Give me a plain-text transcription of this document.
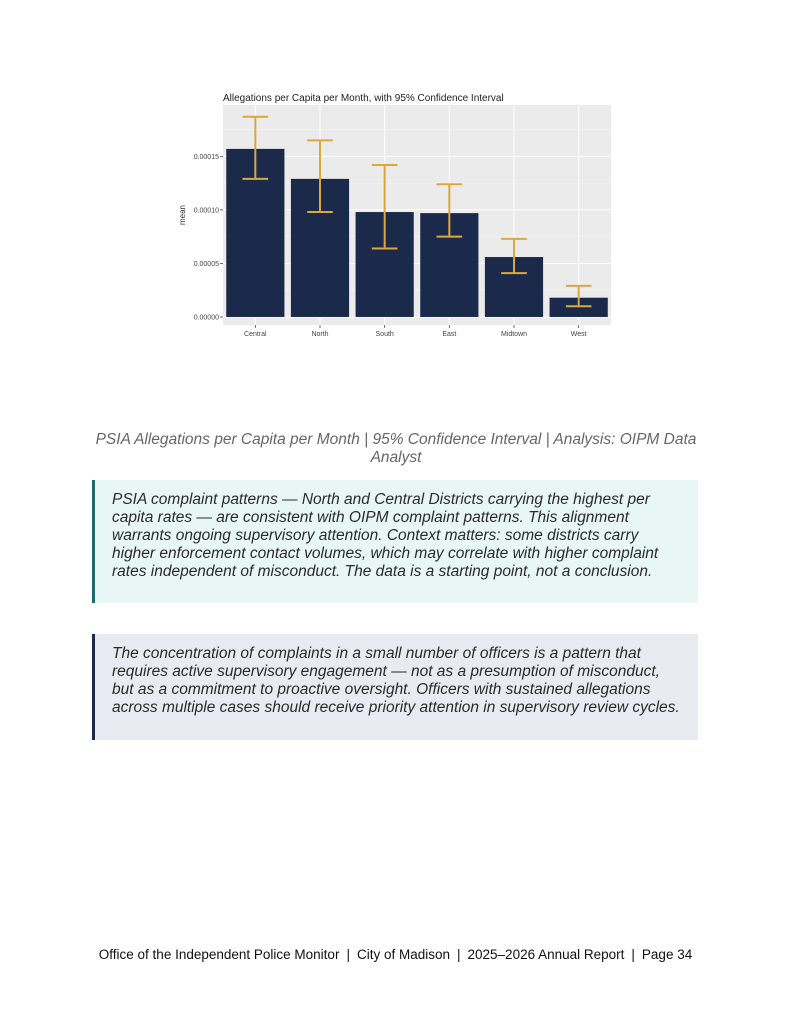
Allegations per Capita per Month, with 95% Confidence Interval
0.00000
0.00005
0.00010
0.00015
Central	North	South	East	Midtown	West
mean
PSIA Allegations per Capita per Month | 95% Confidence Interval | Analysis: OIPM Data Analyst
PSIA complaint patterns — North and Central Districts carrying the highest per capita rates — are consistent with OIPM complaint patterns. This alignment warrants ongoing supervisory attention. Context matters: some districts carry higher enforcement contact volumes, which may correlate with higher complaint rates independent of misconduct. The data is a starting point, not a conclusion.
The concentration of complaints in a small number of officers is a pattern that requires active supervisory engagement — not as a presumption of misconduct, but as a commitment to proactive oversight. Officers with sustained allegations across multiple cases should receive priority attention in supervisory review cycles.
Office of the Independent Police Monitor | City of Madison | 2025–2026 Annual Report | Page 34
